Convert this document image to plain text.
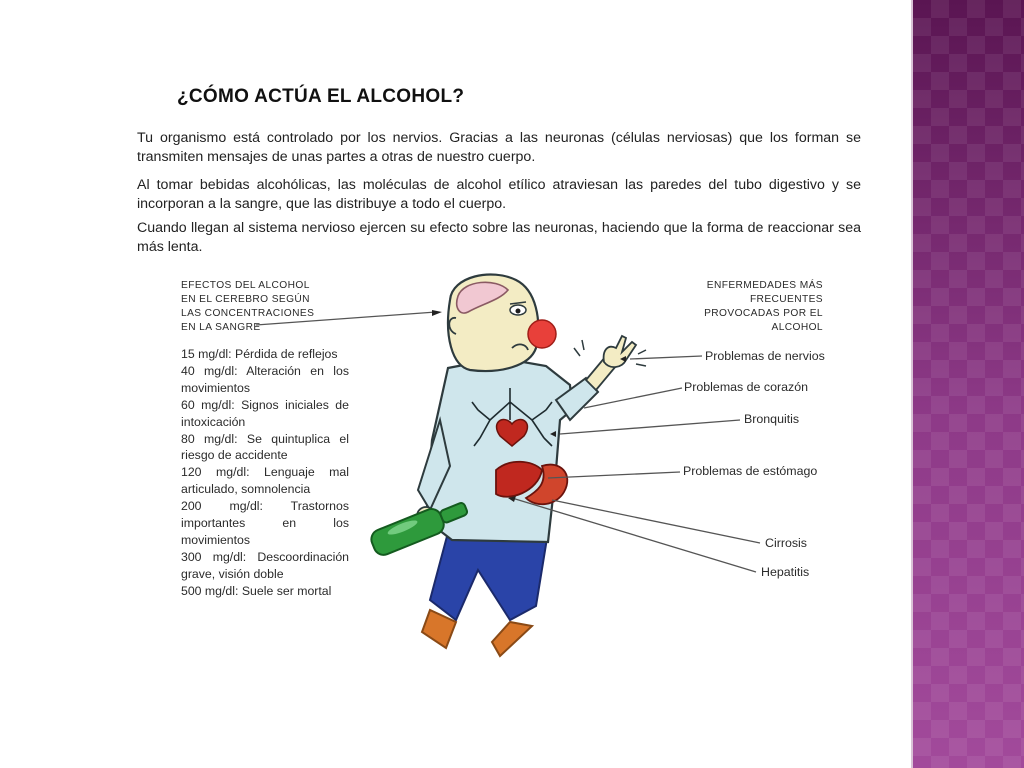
¿CÓMO ACTÚA EL ALCOHOL?
Tu organismo está controlado por los nervios. Gracias a las neuronas (células nerviosas) que los forman se transmiten mensajes de unas partes a otras de nuestro cuerpo.
Al tomar bebidas alcohólicas, las moléculas de alcohol etílico atraviesan las paredes del tubo digestivo y se incorporan a la sangre, que las distribuye a todo el cuerpo.
Cuando llegan al sistema nervioso ejercen su efecto sobre las neuronas, haciendo que la forma de reaccionar sea más lenta.
EFECTOS DEL ALCOHOL
EN EL CEREBRO SEGÚN
LAS CONCENTRACIONES
EN LA SANGRE
15 mg/dl: Pérdida de reflejos
40 mg/dl: Alteración en los movimientos
60 mg/dl: Signos iniciales de intoxicación
80 mg/dl: Se quintuplica el riesgo de accidente
120 mg/dl: Lenguaje mal articulado, somnolencia
200 mg/dl: Trastornos importantes en los movimientos
300 mg/dl: Descoordinación grave, visión doble
500 mg/dl: Suele ser mortal
ENFERMEDADES MÁS
FRECUENTES
PROVOCADAS POR EL
ALCOHOL
Problemas de nervios
Problemas de corazón
Bronquitis
Problemas de estómago
Cirrosis
Hepatitis
